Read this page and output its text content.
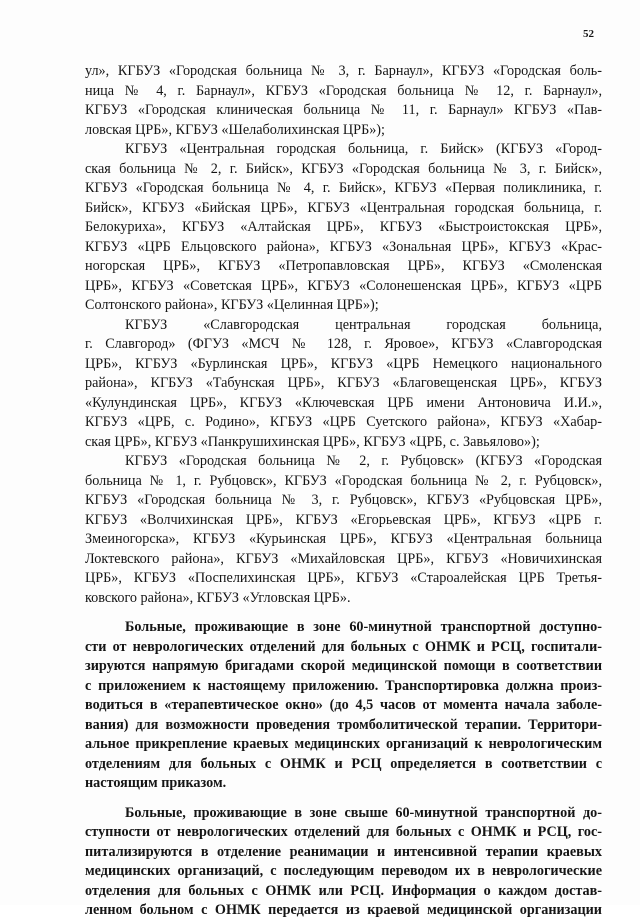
52
ул», КГБУЗ «Городская больница № 3, г. Барнаул», КГБУЗ «Городская боль-
ница № 4, г. Барнаул», КГБУЗ «Городская больница № 12, г. Барнаул»,
КГБУЗ «Городская клиническая больница № 11, г. Барнаул» КГБУЗ «Пав-
ловская ЦРБ», КГБУЗ «Шелаболихинская ЦРБ»);
КГБУЗ «Центральная городская больница, г. Бийск» (КГБУЗ «Город-
ская больница № 2, г. Бийск», КГБУЗ «Городская больница № 3, г. Бийск»,
КГБУЗ «Городская больница № 4, г. Бийск», КГБУЗ «Первая поликлиника, г.
Бийск», КГБУЗ «Бийская ЦРБ», КГБУЗ «Центральная городская больница, г.
Белокуриха», КГБУЗ «Алтайская ЦРБ», КГБУЗ «Быстроистокская ЦРБ»,
КГБУЗ «ЦРБ Ельцовского района», КГБУЗ «Зональная ЦРБ», КГБУЗ «Крас-
ногорская ЦРБ», КГБУЗ «Петропавловская ЦРБ», КГБУЗ «Смоленская
ЦРБ», КГБУЗ «Советская ЦРБ», КГБУЗ «Солонешенская ЦРБ», КГБУЗ «ЦРБ
Солтонского района», КГБУЗ «Целинная ЦРБ»);
КГБУЗ «Славгородская центральная городская больница,
г. Славгород» (ФГУЗ «МСЧ № 128, г. Яровое», КГБУЗ «Славгородская
ЦРБ», КГБУЗ «Бурлинская ЦРБ», КГБУЗ «ЦРБ Немецкого национального
района», КГБУЗ «Табунская ЦРБ», КГБУЗ «Благовещенская ЦРБ», КГБУЗ
«Кулундинская ЦРБ», КГБУЗ «Ключевская ЦРБ имени Антоновича И.И.»,
КГБУЗ «ЦРБ, с. Родино», КГБУЗ «ЦРБ Суетского района», КГБУЗ «Хабар-
ская ЦРБ», КГБУЗ «Панкрушихинская ЦРБ», КГБУЗ «ЦРБ, с. Завьялово»);
КГБУЗ «Городская больница № 2, г. Рубцовск» (КГБУЗ «Городская
больница № 1, г. Рубцовск», КГБУЗ «Городская больница № 2, г. Рубцовск»,
КГБУЗ «Городская больница № 3, г. Рубцовск», КГБУЗ «Рубцовская ЦРБ»,
КГБУЗ «Волчихинская ЦРБ», КГБУЗ «Егорьевская ЦРБ», КГБУЗ «ЦРБ г.
Змеиногорска», КГБУЗ «Курьинская ЦРБ», КГБУЗ «Центральная больница
Локтевского района», КГБУЗ «Михайловская ЦРБ», КГБУЗ «Новичихинская
ЦРБ», КГБУЗ «Поспелихинская ЦРБ», КГБУЗ «Староалейская ЦРБ Третья-
ковского района», КГБУЗ «Угловская ЦРБ».
Больные, проживающие в зоне 60-минутной транспортной доступно-
сти от неврологических отделений для больных с ОНМК и РСЦ, госпитали-
зируются напрямую бригадами скорой медицинской помощи в соответствии
с приложением к настоящему приложению. Транспортировка должна произ-
водиться в «терапевтическое окно» (до 4,5 часов от момента начала заболе-
вания) для возможности проведения тромболитической терапии. Территори-
альное прикрепление краевых медицинских организаций к неврологическим
отделениям для больных с ОНМК и РСЦ определяется в соответствии с
настоящим приказом.
Больные, проживающие в зоне свыше 60-минутной транспортной до-
ступности от неврологических отделений для больных с ОНМК и РСЦ, гос-
питализируются в отделение реанимации и интенсивной терапии краевых
медицинских организаций, с последующим переводом их в неврологические
отделения для больных с ОНМК или РСЦ. Информация о каждом достав-
ленном больном с ОНМК передается из краевой медицинской организации
